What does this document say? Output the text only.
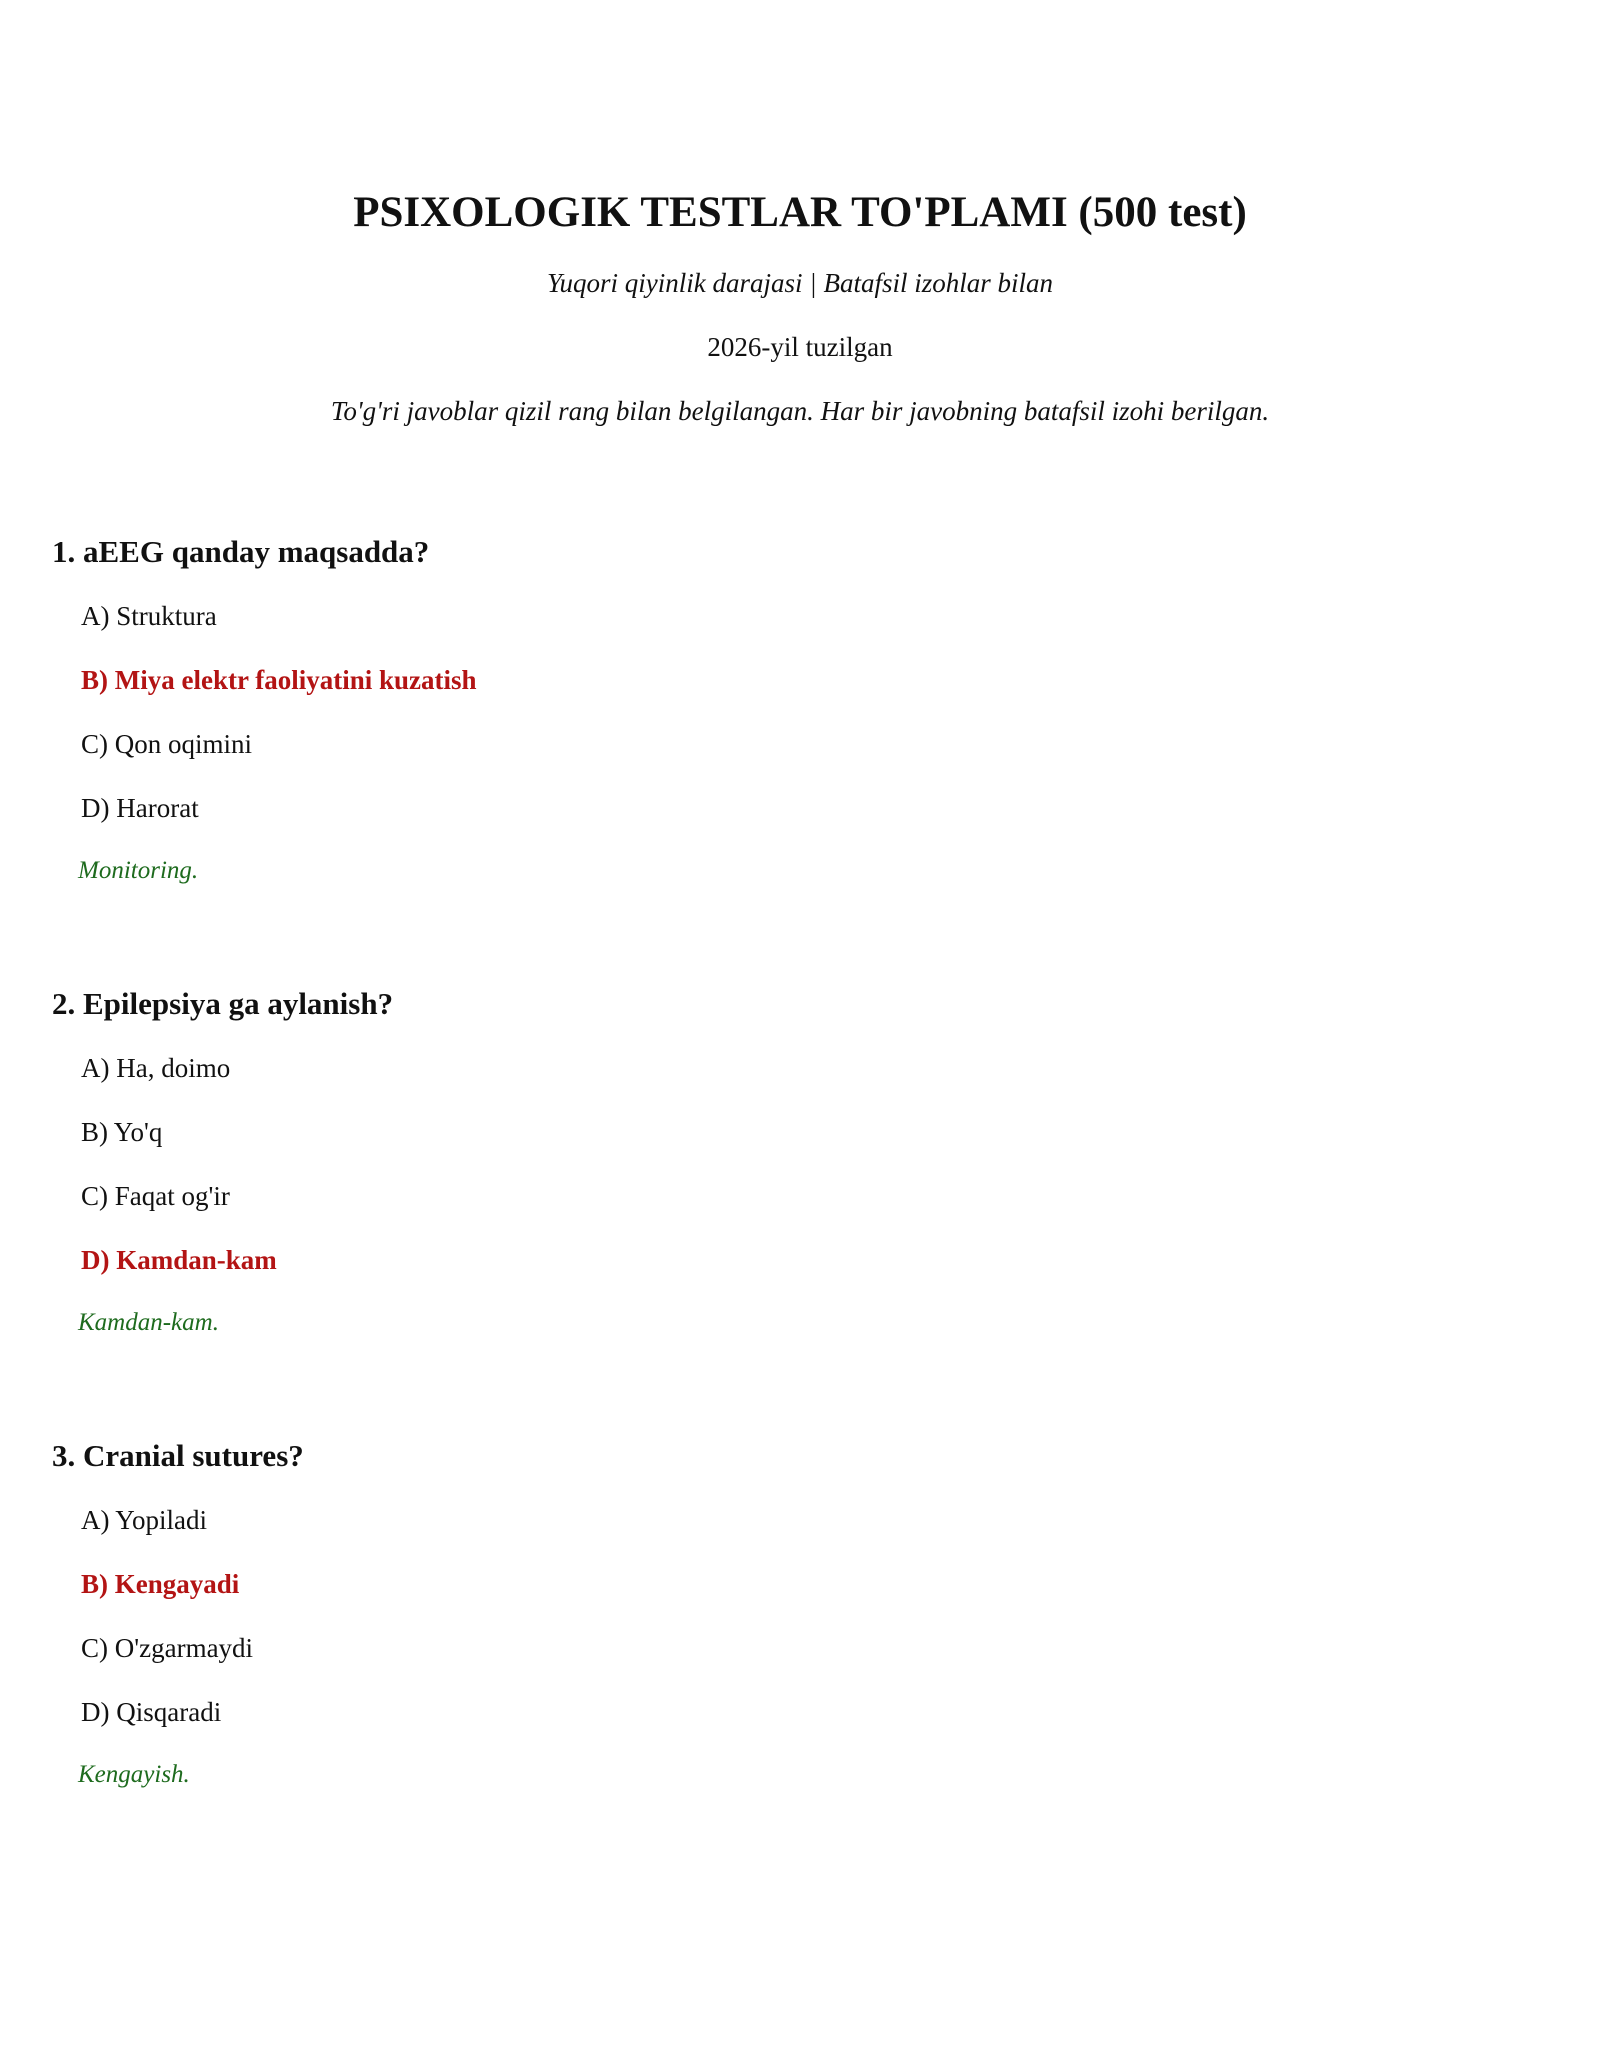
PSIXOLOGIK TESTLAR TO'PLAMI (500 test)
Yuqori qiyinlik darajasi | Batafsil izohlar bilan
2026-yil tuzilgan
To'g'ri javoblar qizil rang bilan belgilangan. Har bir javobning batafsil izohi berilgan.
1. aEEG qanday maqsadda?
A) Struktura
B) Miya elektr faoliyatini kuzatish
C) Qon oqimini
D) Harorat
Monitoring.
2. Epilepsiya ga aylanish?
A) Ha, doimo
B) Yo'q
C) Faqat og'ir
D) Kamdan-kam
Kamdan-kam.
3. Cranial sutures?
A) Yopiladi
B) Kengayadi
C) O'zgarmaydi
D) Qisqaradi
Kengayish.
